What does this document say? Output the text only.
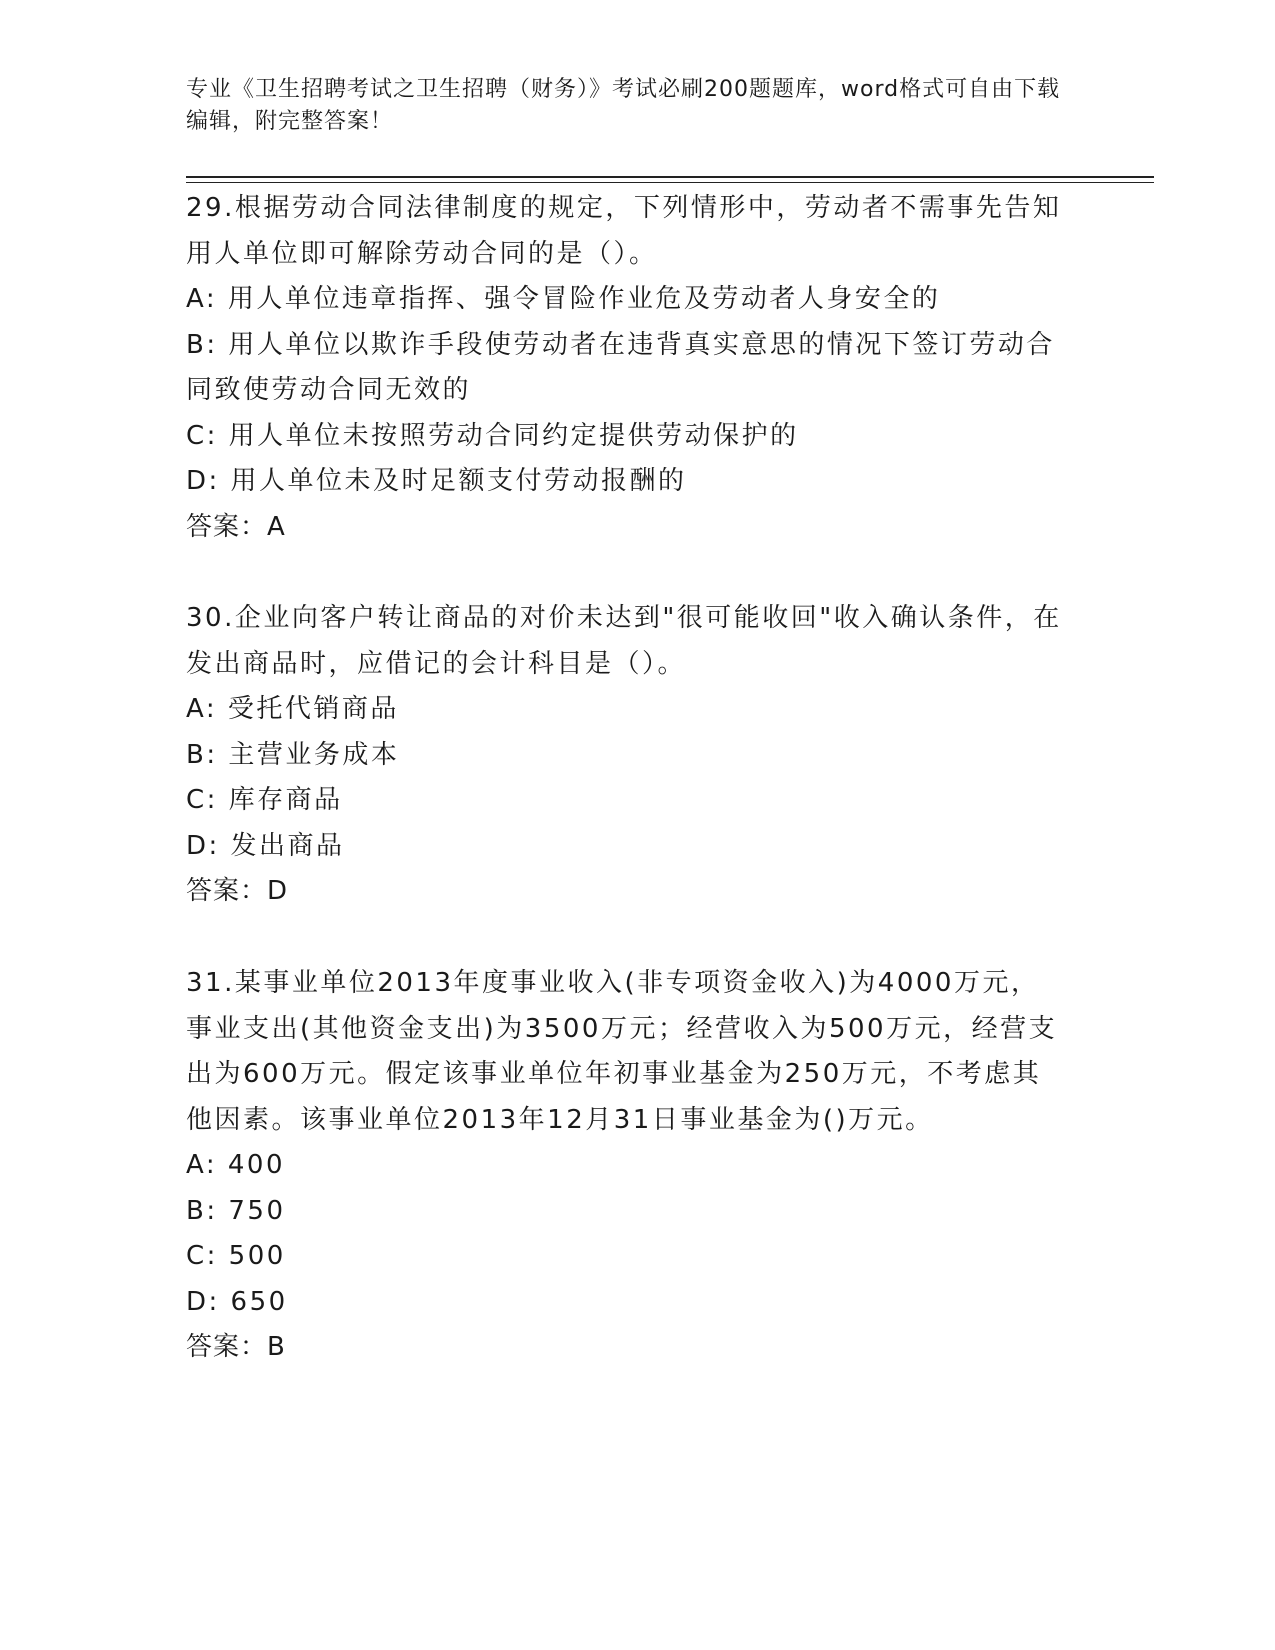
专业《卫生招聘考试之卫生招聘（财务）》考试必刷200题题库，word格式可自由下载编辑，附完整答案！
29.根据劳动合同法律制度的规定，下列情形中，劳动者不需事先告知用人单位即可解除劳动合同的是（）。
A: 用人单位违章指挥、强令冒险作业危及劳动者人身安全的
B: 用人单位以欺诈手段使劳动者在违背真实意思的情况下签订劳动合同致使劳动合同无效的
C: 用人单位未按照劳动合同约定提供劳动保护的
D: 用人单位未及时足额支付劳动报酬的
答案：A
30.企业向客户转让商品的对价未达到"很可能收回"收入确认条件，在发出商品时，应借记的会计科目是（）。
A: 受托代销商品
B: 主营业务成本
C: 库存商品
D: 发出商品
答案：D
31.某事业单位2013年度事业收入(非专项资金收入)为4000万元，事业支出(其他资金支出)为3500万元；经营收入为500万元，经营支出为600万元。假定该事业单位年初事业基金为250万元，不考虑其他因素。该事业单位2013年12月31日事业基金为()万元。
A: 400
B: 750
C: 500
D: 650
答案：B
